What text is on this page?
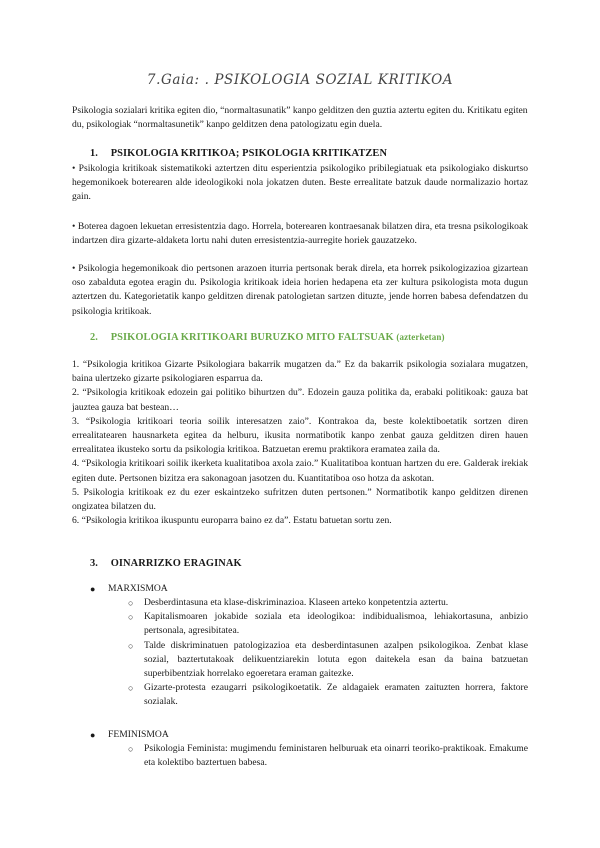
7.Gaia: . PSIKOLOGIA SOZIAL KRITIKOA

Psikologia sozialari kritika egiten dio, “normaltasunatik” kanpo gelditzen den guztia aztertu egiten du. Kritikatu egiten du, psikologiak “normaltasunetik” kanpo gelditzen dena patologizatu egin duela.

1. PSIKOLOGIA KRITIKOA; PSIKOLOGIA KRITIKATZEN

• Psikologia kritikoak sistematikoki aztertzen ditu esperientzia psikologiko pribilegiatuak eta psikologiako diskurtso hegemonikoek boterearen alde ideologikoki nola jokatzen duten. Beste errealitate batzuk daude normalizazio hortaz gain.

• Boterea dagoen lekuetan erresistentzia dago. Horrela, boterearen kontraesanak bilatzen dira, eta tresna psikologikoak indartzen dira gizarte-aldaketa lortu nahi duten erresistentzia-aurregite horiek gauzatzeko.

• Psikologia hegemonikoak dio pertsonen arazoen iturria pertsonak berak direla, eta horrek psikologizazioa gizartean oso zabalduta egotea eragin du. Psikologia kritikoak ideia horien hedapena eta zer kultura psikologista mota dugun aztertzen du. Kategorietatik kanpo gelditzen direnak patologietan sartzen dituzte, jende horren babesa defendatzen du psikologia kritikoak.

2. PSIKOLOGIA KRITIKOARI BURUZKO MITO FALTSUAK (azterketan)
1. “Psikologia kritikoa Gizarte Psikologiara bakarrik mugatzen da.” Ez da bakarrik psikologia sozialara mugatzen, baina ulertzeko gizarte psikologiaren esparrua da.
2. “Psikologia kritikoak edozein gai politiko bihurtzen du”. Edozein gauza politika da, erabaki politikoak: gauza bat jauztea gauza bat bestean…
3. “Psikologia kritikoari teoria soilik interesatzen zaio”. Kontrakoa da, beste kolektiboetatik sortzen diren errealitatearen hausnarketa egitea da helburu, ikusita normatibotik kanpo zenbat gauza gelditzen diren hauen errealitatea ikusteko sortu da psikologia kritikoa. Batzuetan eremu praktikora eramatea zaila da.
4. “Psikologia kritikoari soilik ikerketa kualitatiboa axola zaio.” Kualitatiboa kontuan hartzen du ere. Galderak irekiak egiten dute. Pertsonen bizitza era sakonagoan jasotzen du. Kuantitatiboa oso hotza da askotan.
5. Psikologia kritikoak ez du ezer eskaintzeko sufritzen duten pertsonen.” Normatibotik kanpo gelditzen direnen ongizatea bilatzen du.
6. “Psikologia kritikoa ikuspuntu europarra baino ez da”. Estatu batuetan sortu zen.
3. OINARRIZKO ERAGINAK

● MARXISMOA

○ Desberdintasuna eta klase-diskriminazioa. Klaseen arteko konpetentzia aztertu.
○ Kapitalismoaren jokabide soziala eta ideologikoa: indibidualismoa, lehiakortasuna, anbizio pertsonala, agresibitatea.
○ Talde diskriminatuen patologizazioa eta desberdintasunen azalpen psikologikoa. Zenbat klase sozial, baztertutakoak delikuentziarekin lotuta egon daitekela esan da baina batzuetan superbibentziak horrelako egoeretara eraman gaitezke.
○ Gizarte-protesta ezaugarri psikologikoetatik. Ze aldagaiek eramaten zaituzten horrera, faktore sozialak.

● FEMINISMOA

○ Psikologia Feminista: mugimendu feministaren helburuak eta oinarri teoriko-praktikoak. Emakume eta kolektibo baztertuen babesa.
